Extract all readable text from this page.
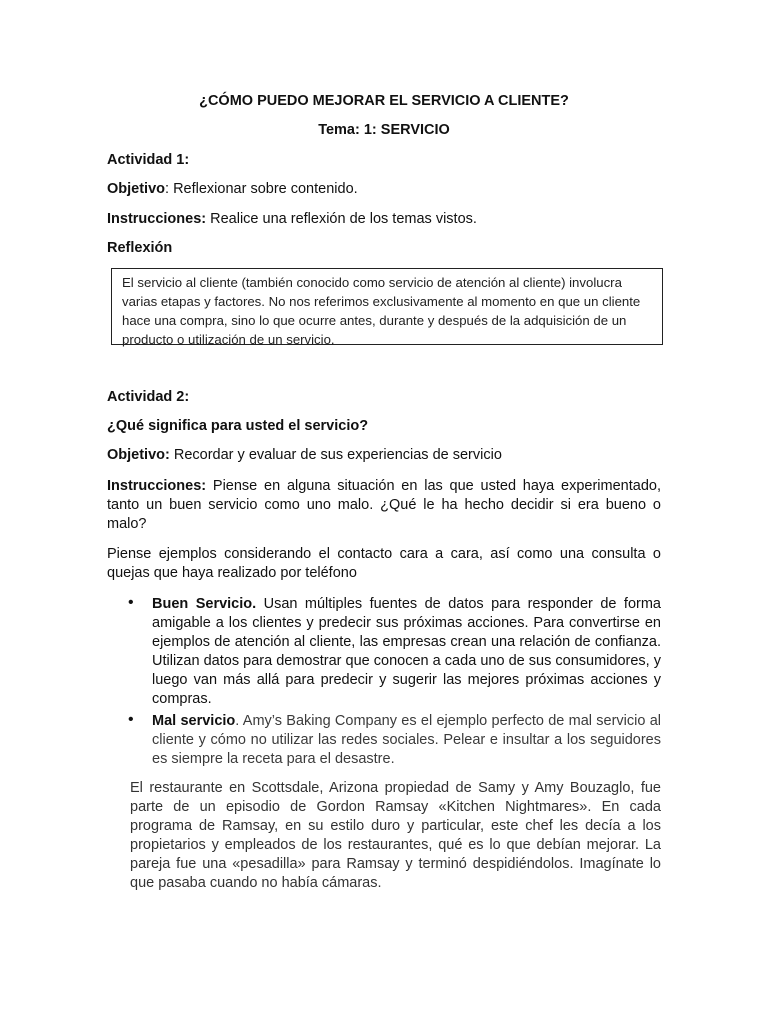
¿CÓMO PUEDO MEJORAR EL SERVICIO A CLIENTE?
Tema: 1: SERVICIO
Actividad 1:
Objetivo: Reflexionar sobre contenido.
Instrucciones: Realice una reflexión de los temas vistos.
Reflexión
El servicio al cliente (también conocido como servicio de atención al cliente) involucra varias etapas y factores. No nos referimos exclusivamente al momento en que un cliente hace una compra, sino lo que ocurre antes, durante y después de la adquisición de un producto o utilización de un servicio.
Actividad 2:
¿Qué significa para usted el servicio?
Objetivo: Recordar y evaluar de sus experiencias de servicio
Instrucciones: Piense en alguna situación en las que usted haya experimentado, tanto un buen servicio como uno malo. ¿Qué le ha hecho decidir si era bueno o malo?
Piense ejemplos considerando el contacto cara a cara, así como una consulta o quejas que haya realizado por teléfono
• Buen Servicio. Usan múltiples fuentes de datos para responder de forma amigable a los clientes y predecir sus próximas acciones. Para convertirse en ejemplos de atención al cliente, las empresas crean una relación de confianza. Utilizan datos para demostrar que conocen a cada uno de sus consumidores, y luego van más allá para predecir y sugerir las mejores próximas acciones y compras.
• Mal servicio. Amy’s Baking Company es el ejemplo perfecto de mal servicio al cliente y cómo no utilizar las redes sociales. Pelear e insultar a los seguidores es siempre la receta para el desastre.
El restaurante en Scottsdale, Arizona propiedad de Samy y Amy Bouzaglo, fue parte de un episodio de Gordon Ramsay «Kitchen Nightmares». En cada programa de Ramsay, en su estilo duro y particular, este chef les decía a los propietarios y empleados de los restaurantes, qué es lo que debían mejorar. La pareja fue una «pesadilla» para Ramsay y terminó despidiéndolos. Imagínate lo que pasaba cuando no había cámaras.
